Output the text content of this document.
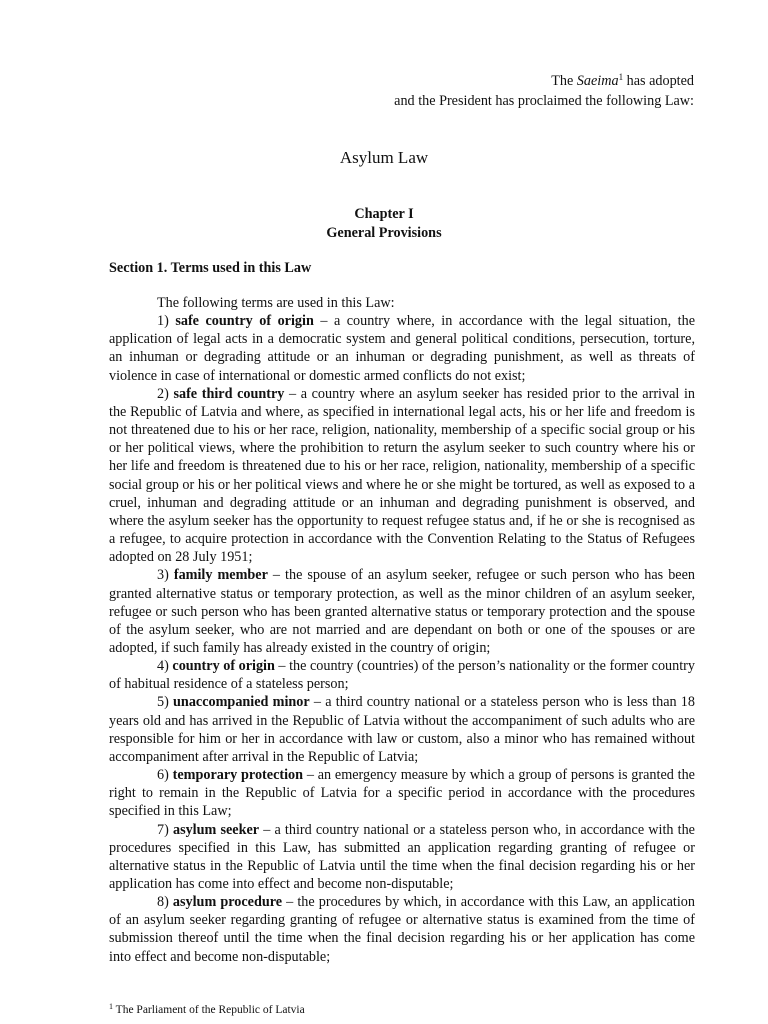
The Saeima$^1$ has adopted
and the President has proclaimed the following Law:
Asylum Law
Chapter I
General Provisions
Section 1. Terms used in this Law

The following terms are used in this Law:

1) safe country of origin – a country where, in accordance with the legal situation, the application of legal acts in a democratic system and general political conditions, persecution, torture, an inhuman or degrading attitude or an inhuman or degrading punishment, as well as threats of violence in case of international or domestic armed conflicts do not exist;

2) safe third country – a country where an asylum seeker has resided prior to the arrival in the Republic of Latvia and where, as specified in international legal acts, his or her life and freedom is not threatened due to his or her race, religion, nationality, membership of a specific social group or his or her political views, where the prohibition to return the asylum seeker to such country where his or her life and freedom is threatened due to his or her race, religion, nationality, membership of a specific social group or his or her political views and where he or she might be tortured, as well as exposed to a cruel, inhuman and degrading attitude or an inhuman and degrading punishment is observed, and where the asylum seeker has the opportunity to request refugee status and, if he or she is recognised as a refugee, to acquire protection in accordance with the Convention Relating to the Status of Refugees adopted on 28 July 1951;

3) family member – the spouse of an asylum seeker, refugee or such person who has been granted alternative status or temporary protection, as well as the minor children of an asylum seeker, refugee or such person who has been granted alternative status or temporary protection and the spouse of the asylum seeker, who are not married and are dependant on both or one of the spouses or are adopted, if such family has already existed in the country of origin;

4) country of origin – the country (countries) of the person’s nationality or the former country of habitual residence of a stateless person;

5) unaccompanied minor – a third country national or a stateless person who is less than 18 years old and has arrived in the Republic of Latvia without the accompaniment of such adults who are responsible for him or her in accordance with law or custom, also a minor who has remained without accompaniment after arrival in the Republic of Latvia;

6) temporary protection – an emergency measure by which a group of persons is granted the right to remain in the Republic of Latvia for a specific period in accordance with the procedures specified in this Law;

7) asylum seeker – a third country national or a stateless person who, in accordance with the procedures specified in this Law, has submitted an application regarding granting of refugee or alternative status in the Republic of Latvia until the time when the final decision regarding his or her application has come into effect and become non-disputable;

8) asylum procedure – the procedures by which, in accordance with this Law, an application of an asylum seeker regarding granting of refugee or alternative status is examined from the time of submission thereof until the time when the final decision regarding his or her application has come into effect and become non-disputable;

$^1$ The Parliament of the Republic of Latvia
